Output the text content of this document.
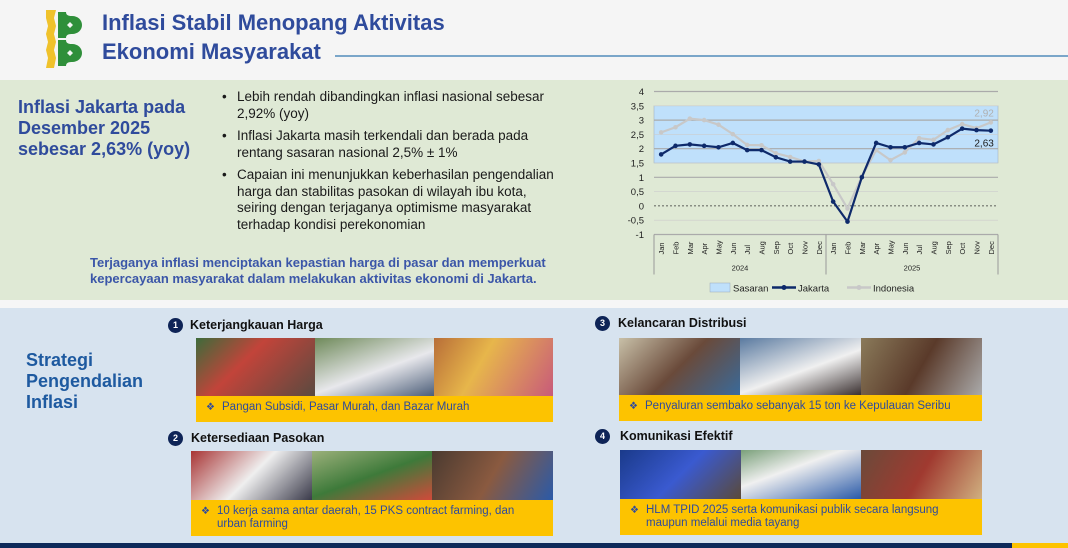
Inflasi Stabil Menopang Aktivitas
Ekonomi Masyarakat
Inflasi Jakarta pada Desember 2025 sebesar 2,63% (yoy)
• Lebih rendah dibandingkan inflasi nasional sebesar 2,92% (yoy)
• Inflasi Jakarta masih terkendali dan berada pada rentang sasaran nasional 2,5% ± 1%
• Capaian ini menunjukkan keberhasilan pengendalian harga dan stabilitas pasokan di wilayah ibu kota, seiring dengan terjaganya optimisme masyarakat terhadap kondisi perekonomian
Terjaganya inflasi menciptakan kepastian harga di pasar dan memperkuat kepercayaan masyarakat dalam melakukan aktivitas ekonomi di Jakarta.
4
3,5
3
2,5
2
1,5
1
0,5
0
-0,5
-1
Jan Feb Mar Apr May Jun Jul Aug Sep Oct Nov Dec Jan Feb Mar Apr May Jun Jul Aug Sep Oct Nov Dec
2024	2025
2,92
2,63
Sasaran	Jakarta	Indonesia
Strategi Pengendalian Inflasi
1 Keterjangkauan Harga
❖ Pangan Subsidi, Pasar Murah, dan Bazar Murah
2	Ketersediaan Pasokan
❖ 10 kerja sama antar daerah, 15 PKS contract farming, dan urban farming
3	Kelancaran Distribusi
❖ Penyaluran sembako sebanyak 15 ton ke Kepulauan Seribu
4	Komunikasi Efektif
❖ HLM TPID 2025 serta komunikasi publik secara langsung maupun melalui media tayang
